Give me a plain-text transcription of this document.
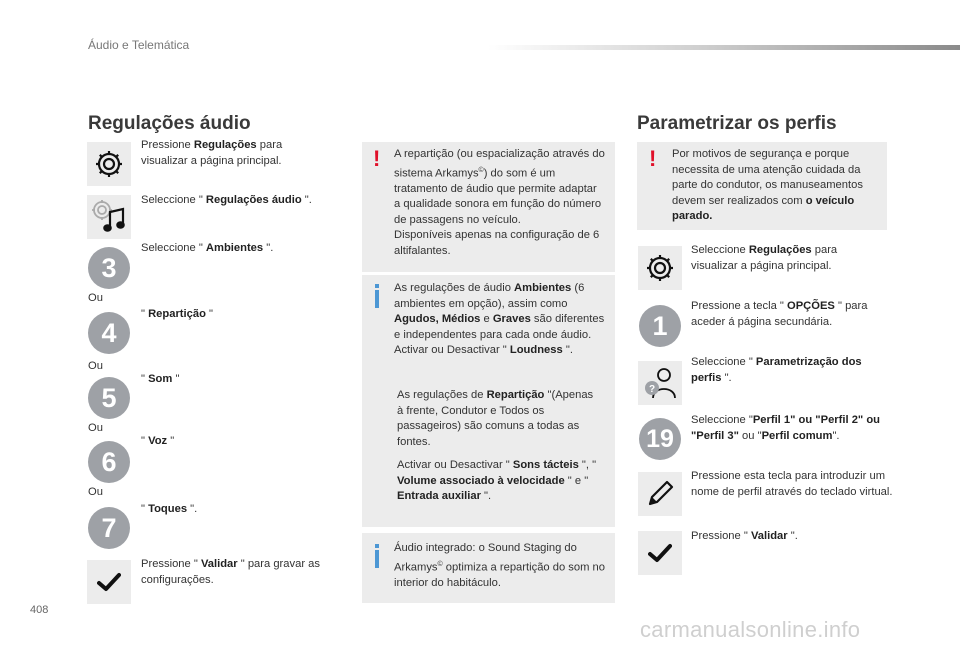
Áudio e Telemática
Regulações áudio
Pressione Regulações para visualizar a página principal.
Seleccione " Regulações áudio ".
3
Seleccione " Ambientes ".
Ou
4
" Repartição "
Ou
5
" Som "
Ou
6
" Voz "
Ou
7
" Toques ".
Pressione " Validar " para gravar as configurações.
! A repartição (ou espacialização através do sistema Arkamys©) do som é um tratamento de áudio que permite adaptar a qualidade sonora em função do número de passagens no veículo.
Disponíveis apenas na configuração de 6 altifalantes.
As regulações de áudio Ambientes (6 ambientes em opção), assim como Agudos, Médios e Graves são diferentes e independentes para cada onde áudio.
Activar ou Desactivar " Loudness ".
As regulações de Repartição "(Apenas à frente, Condutor e Todos os passageiros) são comuns a todas as fontes.
Activar ou Desactivar " Sons tácteis ", " Volume associado à velocidade " e " Entrada auxiliar ".
Áudio integrado: o Sound Staging do Arkamys© optimiza a repartição do som no interior do habitáculo.
Parametrizar os perfis
! Por motivos de segurança e porque necessita de uma atenção cuidada da parte do condutor, os manuseamentos devem ser realizados com o veículo parado.
Seleccione Regulações para visualizar a página principal.
1
Pressione a tecla " OPÇÕES " para aceder á página secundária.
?
Seleccione " Parametrização dos perfis ".
19
Seleccione "Perfil 1" ou "Perfil 2" ou "Perfil 3" ou "Perfil comum".
Pressione esta tecla para introduzir um nome de perfil através do teclado virtual.
Pressione " Validar ".
408
carmanualsonline.info
